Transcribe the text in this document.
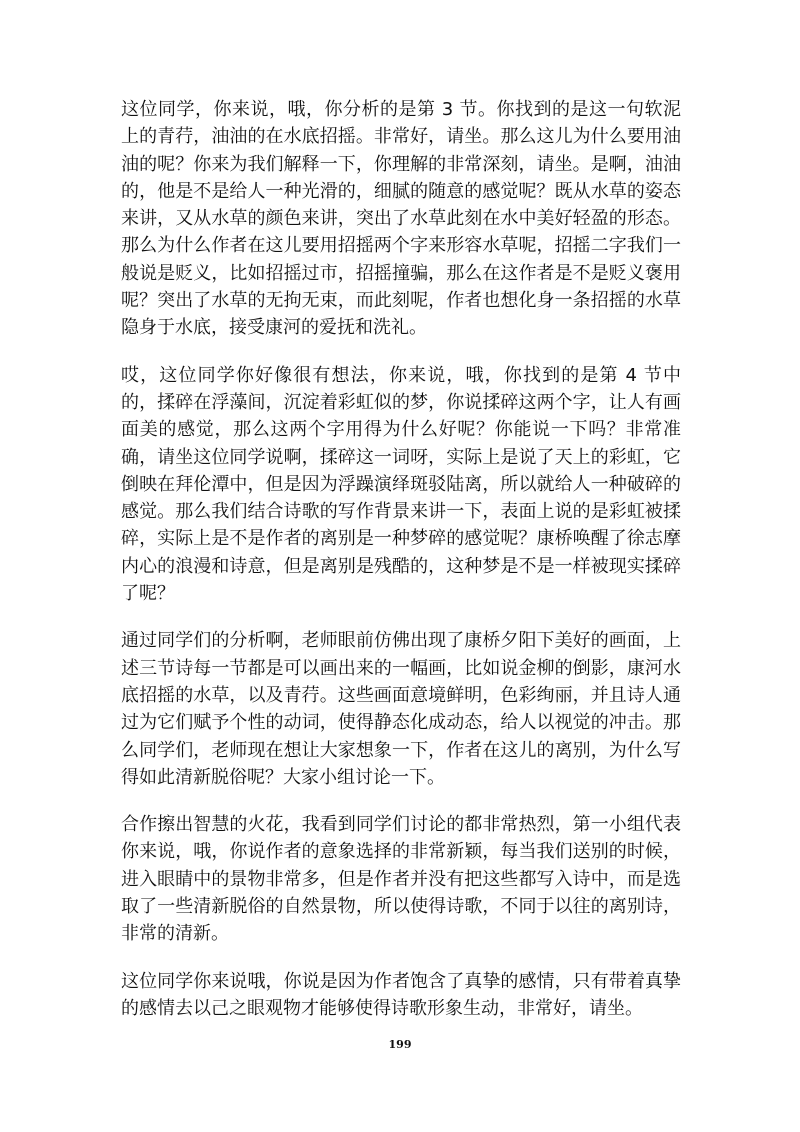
这位同学，你来说，哦，你分析的是第 3 节。你找到的是这一句软泥上的青荇，油油的在水底招摇。非常好，请坐。那么这儿为什么要用油油的呢？你来为我们解释一下，你理解的非常深刻，请坐。是啊，油油的，他是不是给人一种光滑的，细腻的随意的感觉呢？既从水草的姿态来讲，又从水草的颜色来讲，突出了水草此刻在水中美好轻盈的形态。那么为什么作者在这儿要用招摇两个字来形容水草呢，招摇二字我们一般说是贬义，比如招摇过市，招摇撞骗，那么在这作者是不是贬义褒用呢？突出了水草的无拘无束，而此刻呢，作者也想化身一条招摇的水草隐身于水底，接受康河的爱抚和洗礼。

哎，这位同学你好像很有想法，你来说，哦，你找到的是第 4 节中的，揉碎在浮藻间，沉淀着彩虹似的梦，你说揉碎这两个字，让人有画面美的感觉，那么这两个字用得为什么好呢？你能说一下吗？非常准确，请坐这位同学说啊，揉碎这一词呀，实际上是说了天上的彩虹，它倒映在拜伦潭中，但是因为浮躁演绎斑驳陆离，所以就给人一种破碎的感觉。那么我们结合诗歌的写作背景来讲一下，表面上说的是彩虹被揉碎，实际上是不是作者的离别是一种梦碎的感觉呢？康桥唤醒了徐志摩内心的浪漫和诗意，但是离别是残酷的，这种梦是不是一样被现实揉碎了呢？

通过同学们的分析啊，老师眼前仿佛出现了康桥夕阳下美好的画面，上述三节诗每一节都是可以画出来的一幅画，比如说金柳的倒影，康河水底招摇的水草，以及青荇。这些画面意境鲜明，色彩绚丽，并且诗人通过为它们赋予个性的动词，使得静态化成动态，给人以视觉的冲击。那么同学们，老师现在想让大家想象一下，作者在这儿的离别，为什么写得如此清新脱俗呢？大家小组讨论一下。

合作擦出智慧的火花，我看到同学们讨论的都非常热烈，第一小组代表你来说，哦，你说作者的意象选择的非常新颖，每当我们送别的时候，进入眼睛中的景物非常多，但是作者并没有把这些都写入诗中，而是选取了一些清新脱俗的自然景物，所以使得诗歌，不同于以往的离别诗，非常的清新。

这位同学你来说哦，你说是因为作者饱含了真挚的感情，只有带着真挚的感情去以己之眼观物才能够使得诗歌形象生动，非常好，请坐。

199
